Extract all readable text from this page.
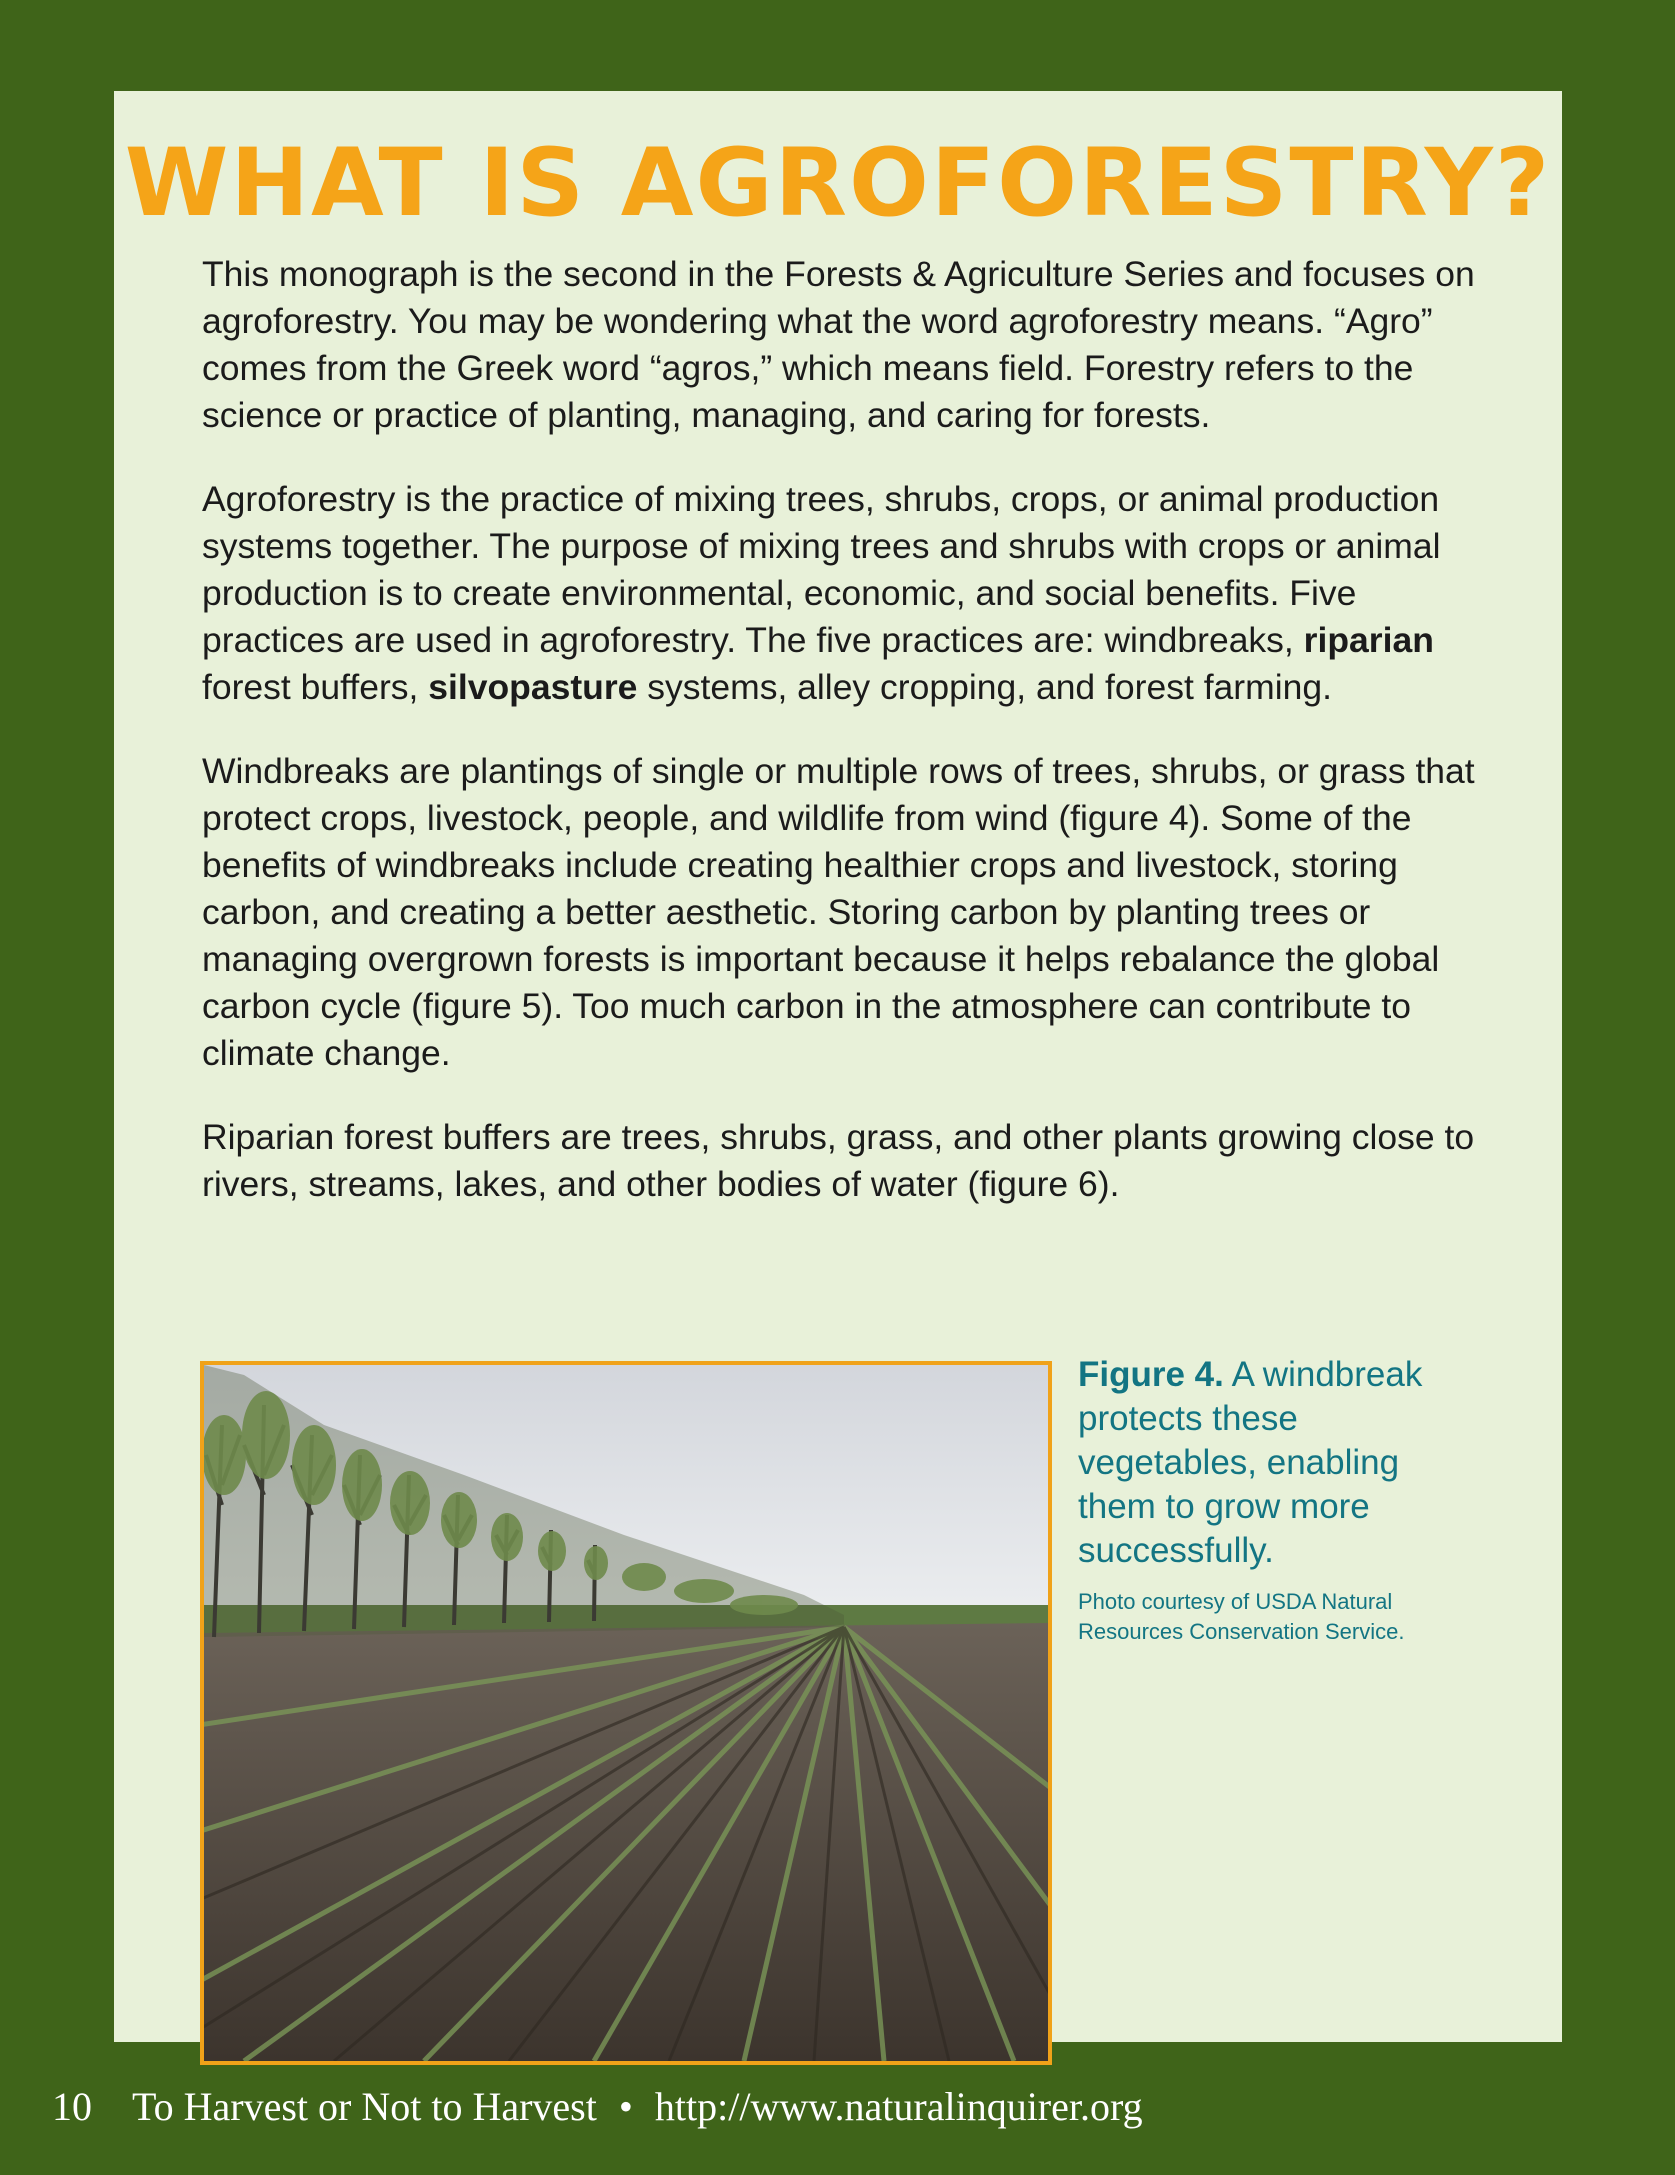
WHAT IS AGROFORESTRY?

This monograph is the second in the Forests & Agriculture Series and focuses on agroforestry. You may be wondering what the word agroforestry means. “Agro” comes from the Greek word “agros,” which means field. Forestry refers to the science or practice of planting, managing, and caring for forests.

Agroforestry is the practice of mixing trees, shrubs, crops, or animal production systems together. The purpose of mixing trees and shrubs with crops or animal production is to create environmental, economic, and social benefits. Five practices are used in agroforestry. The five practices are: windbreaks, riparian forest buffers, silvopasture systems, alley cropping, and forest farming.

Windbreaks are plantings of single or multiple rows of trees, shrubs, or grass that protect crops, livestock, people, and wildlife from wind (figure 4). Some of the benefits of windbreaks include creating healthier crops and livestock, storing carbon, and creating a better aesthetic. Storing carbon by planting trees or managing overgrown forests is important because it helps rebalance the global carbon cycle (figure 5). Too much carbon in the atmosphere can contribute to climate change.

Riparian forest buffers are trees, shrubs, grass, and other plants growing close to rivers, streams, lakes, and other bodies of water (figure 6).

Figure 4. A windbreak protects these vegetables, enabling them to grow more successfully.
Photo courtesy of USDA Natural Resources Conservation Service.
10 To Harvest or Not to Harvest • http://www.naturalinquirer.org
